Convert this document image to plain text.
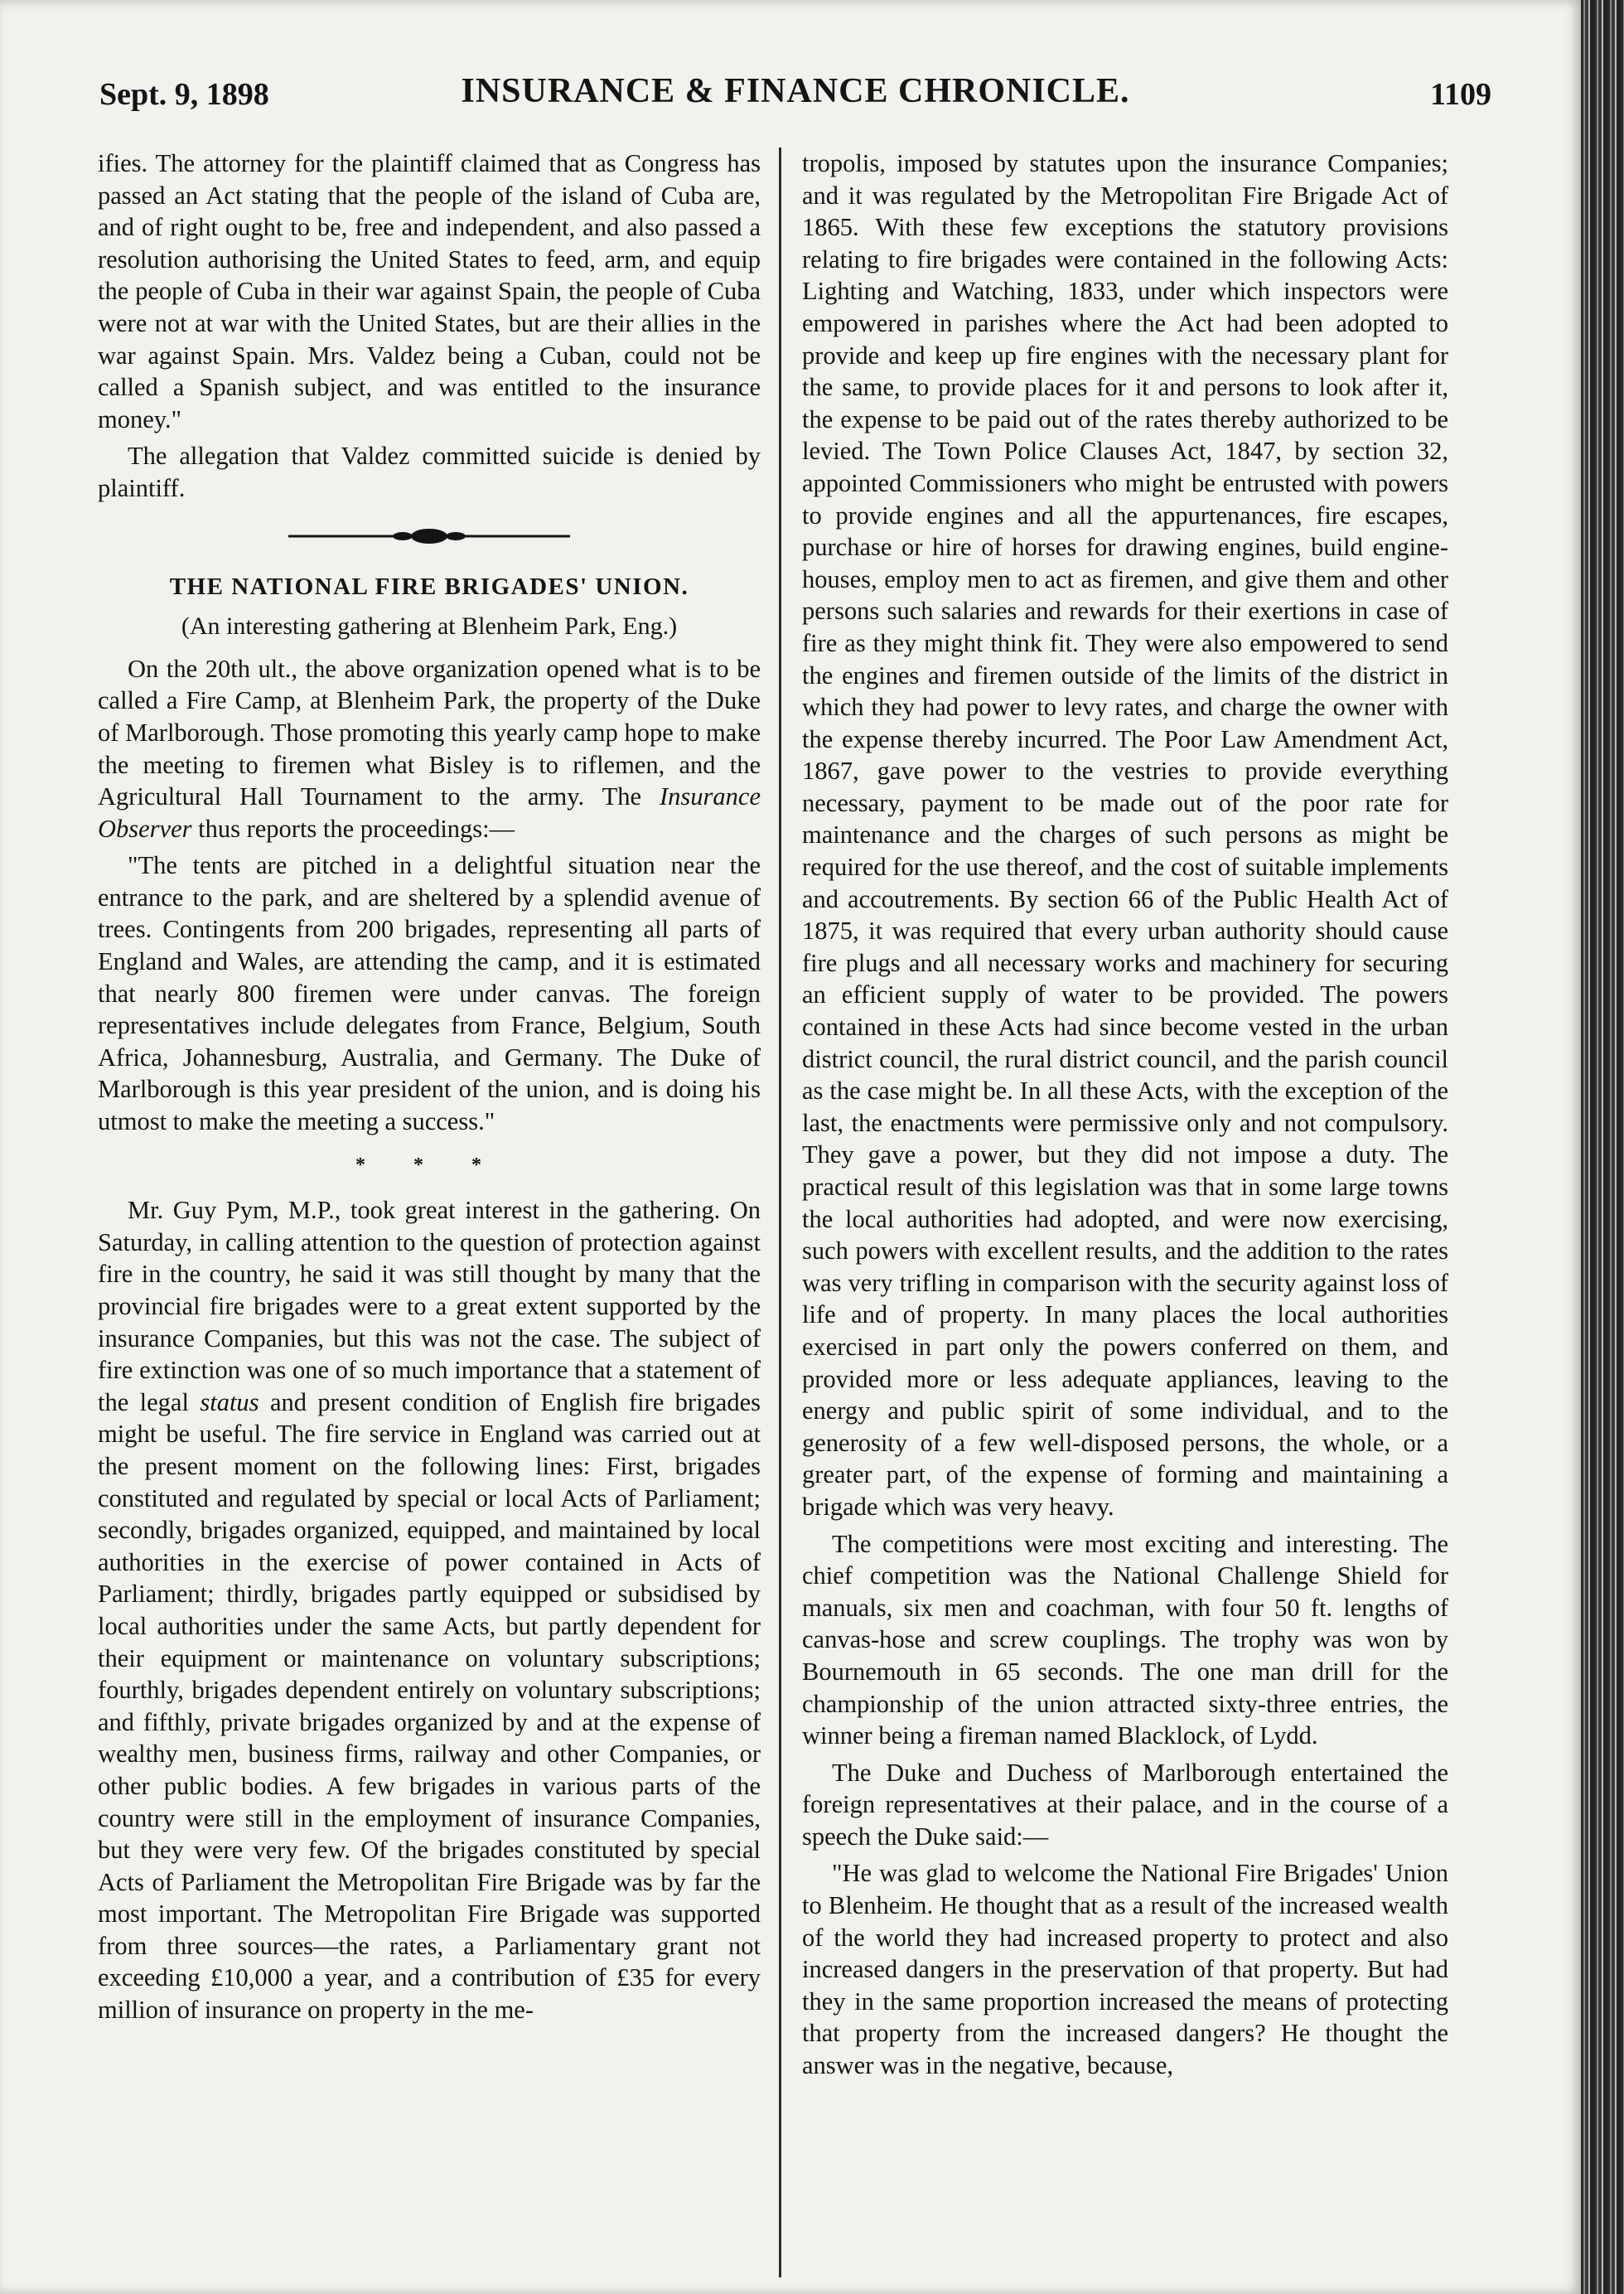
Sept. 9, 1898	INSURANCE & FINANCE CHRONICLE.	1109

ifies. The attorney for the plaintiff claimed that as Congress has passed an Act stating that the people of the island of Cuba are, and of right ought to be, free and independent, and also passed a resolution authorising the United States to feed, arm, and equip the people of Cuba in their war against Spain, the people of Cuba were not at war with the United States, but are their allies in the war against Spain. Mrs. Valdez being a Cuban, could not be called a Spanish subject, and was entitled to the insurance money."

The allegation that Valdez committed suicide is denied by plaintiff.

THE NATIONAL FIRE BRIGADES' UNION.
(An interesting gathering at Blenheim Park, Eng.)

On the 20th ult., the above organization opened what is to be called a Fire Camp, at Blenheim Park, the property of the Duke of Marlborough. Those promoting this yearly camp hope to make the meeting to firemen what Bisley is to riflemen, and the Agricultural Hall Tournament to the army. The Insurance Observer thus reports the proceedings:—

"The tents are pitched in a delightful situation near the entrance to the park, and are sheltered by a splendid avenue of trees. Contingents from 200 brigades, representing all parts of England and Wales, are attending the camp, and it is estimated that nearly 800 firemen were under canvas. The foreign representatives include delegates from France, Belgium, South Africa, Johannesburg, Australia, and Germany. The Duke of Marlborough is this year president of the union, and is doing his utmost to make the meeting a success."

* * *

Mr. Guy Pym, M.P., took great interest in the gathering. On Saturday, in calling attention to the question of protection against fire in the country, he said it was still thought by many that the provincial fire brigades were to a great extent supported by the insurance Companies, but this was not the case. The subject of fire extinction was one of so much importance that a statement of the legal status and present condition of English fire brigades might be useful. The fire service in England was carried out at the present moment on the following lines: First, brigades constituted and regulated by special or local Acts of Parliament; secondly, brigades organized, equipped, and maintained by local authorities in the exercise of power contained in Acts of Parliament; thirdly, brigades partly equipped or subsidised by local authorities under the same Acts, but partly dependent for their equipment or maintenance on voluntary subscriptions; fourthly, brigades dependent entirely on voluntary subscriptions; and fifthly, private brigades organized by and at the expense of wealthy men, business firms, railway and other Companies, or other public bodies. A few brigades in various parts of the country were still in the employment of insurance Companies, but they were very few. Of the brigades constituted by special Acts of Parliament the Metropolitan Fire Brigade was by far the most important. The Metropolitan Fire Brigade was supported from three sources—the rates, a Parliamentary grant not exceeding £10,000 a year, and a contribution of £35 for every million of insurance on property in the me-

tropolis, imposed by statutes upon the insurance Companies; and it was regulated by the Metropolitan Fire Brigade Act of 1865. With these few exceptions the statutory provisions relating to fire brigades were contained in the following Acts: Lighting and Watching, 1833, under which inspectors were empowered in parishes where the Act had been adopted to provide and keep up fire engines with the necessary plant for the same, to provide places for it and persons to look after it, the expense to be paid out of the rates thereby authorized to be levied. The Town Police Clauses Act, 1847, by section 32, appointed Commissioners who might be entrusted with powers to provide engines and all the appurtenances, fire escapes, purchase or hire of horses for drawing engines, build engine-houses, employ men to act as firemen, and give them and other persons such salaries and rewards for their exertions in case of fire as they might think fit. They were also empowered to send the engines and firemen outside of the limits of the district in which they had power to levy rates, and charge the owner with the expense thereby incurred. The Poor Law Amendment Act, 1867, gave power to the vestries to provide everything necessary, payment to be made out of the poor rate for maintenance and the charges of such persons as might be required for the use thereof, and the cost of suitable implements and accoutrements. By section 66 of the Public Health Act of 1875, it was required that every urban authority should cause fire plugs and all necessary works and machinery for securing an efficient supply of water to be provided. The powers contained in these Acts had since become vested in the urban district council, the rural district council, and the parish council as the case might be. In all these Acts, with the exception of the last, the enactments were permissive only and not compulsory. They gave a power, but they did not impose a duty. The practical result of this legislation was that in some large towns the local authorities had adopted, and were now exercising, such powers with excellent results, and the addition to the rates was very trifling in comparison with the security against loss of life and of property. In many places the local authorities exercised in part only the powers conferred on them, and provided more or less adequate appliances, leaving to the energy and public spirit of some individual, and to the generosity of a few well-disposed persons, the whole, or a greater part, of the expense of forming and maintaining a brigade which was very heavy.

The competitions were most exciting and interesting. The chief competition was the National Challenge Shield for manuals, six men and coachman, with four 50 ft. lengths of canvas-hose and screw couplings. The trophy was won by Bournemouth in 65 seconds. The one man drill for the championship of the union attracted sixty-three entries, the winner being a fireman named Blacklock, of Lydd.

The Duke and Duchess of Marlborough entertained the foreign representatives at their palace, and in the course of a speech the Duke said:—

"He was glad to welcome the National Fire Brigades' Union to Blenheim. He thought that as a result of the increased wealth of the world they had increased property to protect and also increased dangers in the preservation of that property. But had they in the same proportion increased the means of protecting that property from the increased dangers? He thought the answer was in the negative, because,
